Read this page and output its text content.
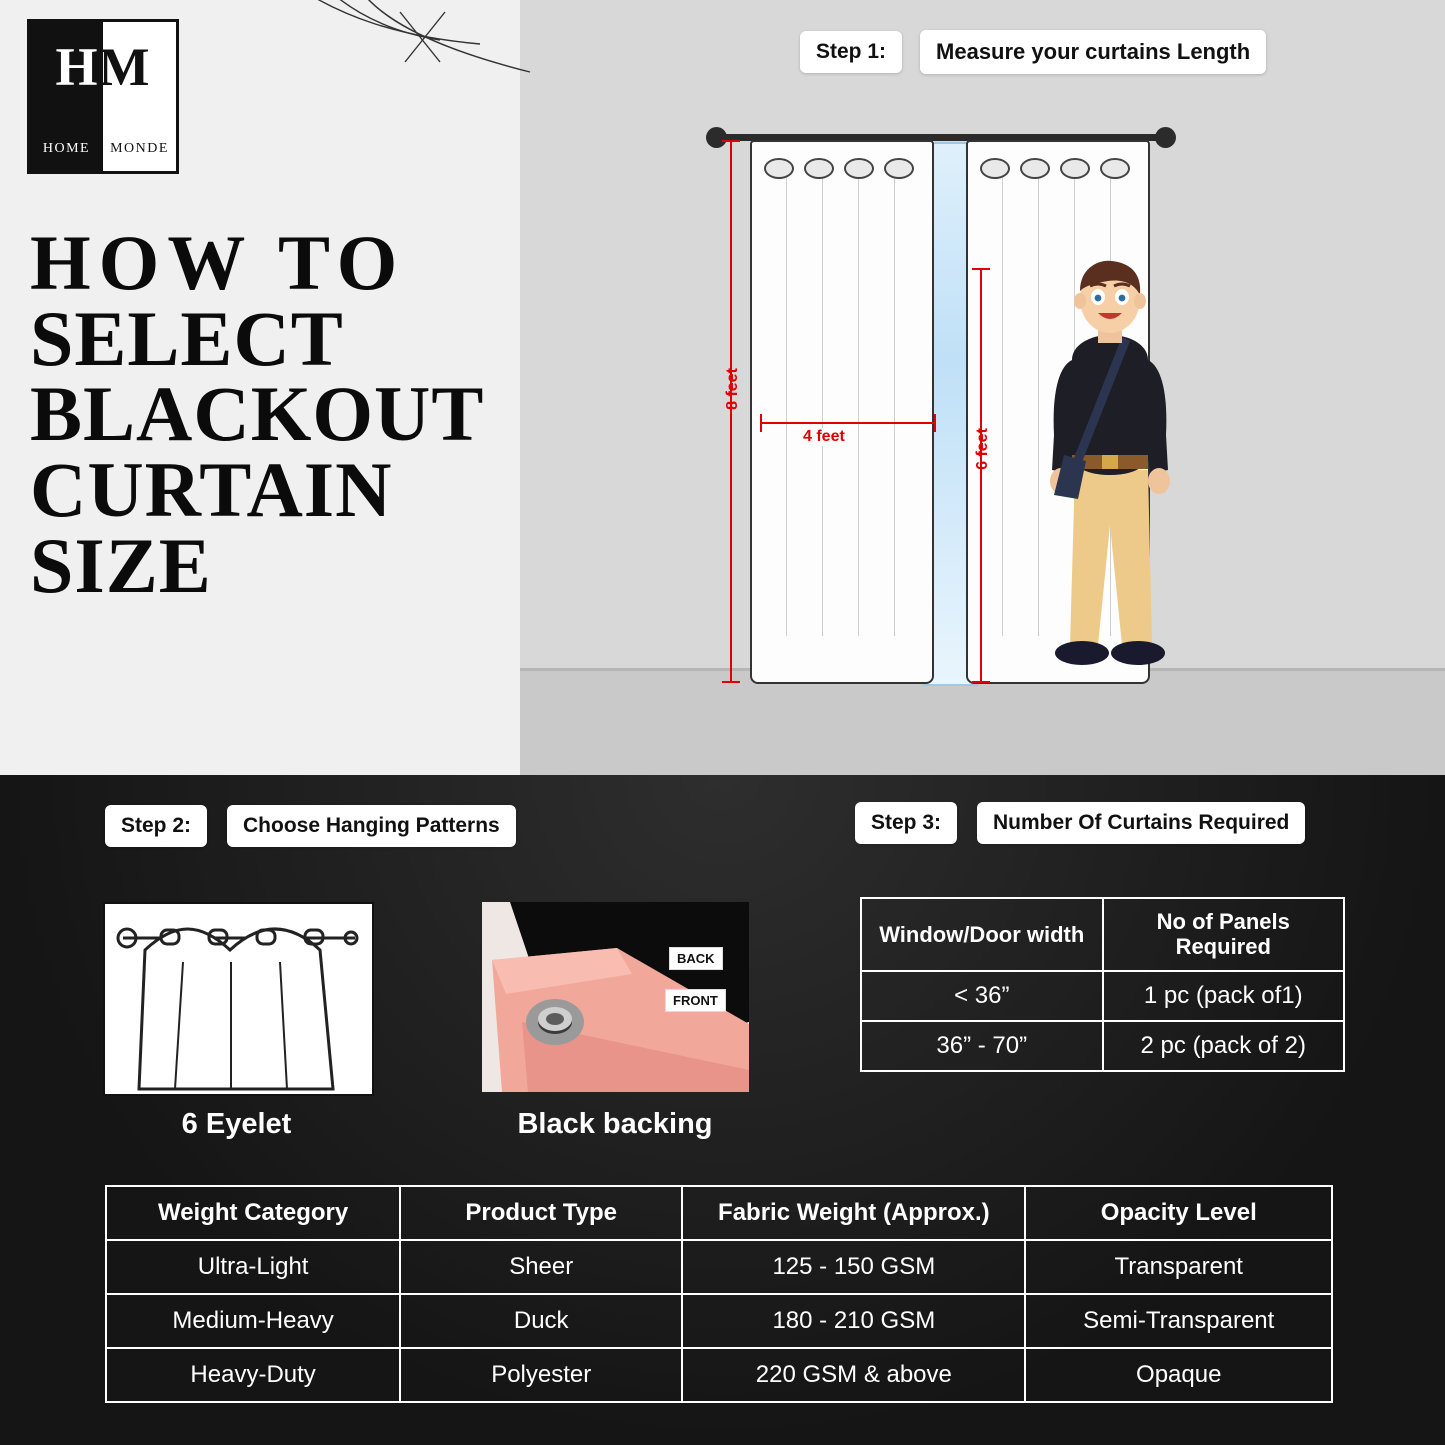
HM
HOME	MONDE
HOW TO
SELECT
BLACKOUT
CURTAIN
SIZE
Step 1:	Measure your curtains Length
8 feet
4 feet	6 feet
Step 2:	Choose Hanging Patterns	Step 3:	Number Of Curtains Required
6 Eyelet
BACK
FRONT
Black backing
Window/Door width	No of Panels Required
< 36”	1 pc (pack of1)
36” - 70”	2 pc (pack of 2)
Weight Category	Product Type	Fabric Weight (Approx.)	Opacity Level
Ultra-Light	Sheer	125 - 150 GSM	Transparent
Medium-Heavy	Duck	180 - 210 GSM	Semi-Transparent
Heavy-Duty	Polyester	220 GSM & above	Opaque
